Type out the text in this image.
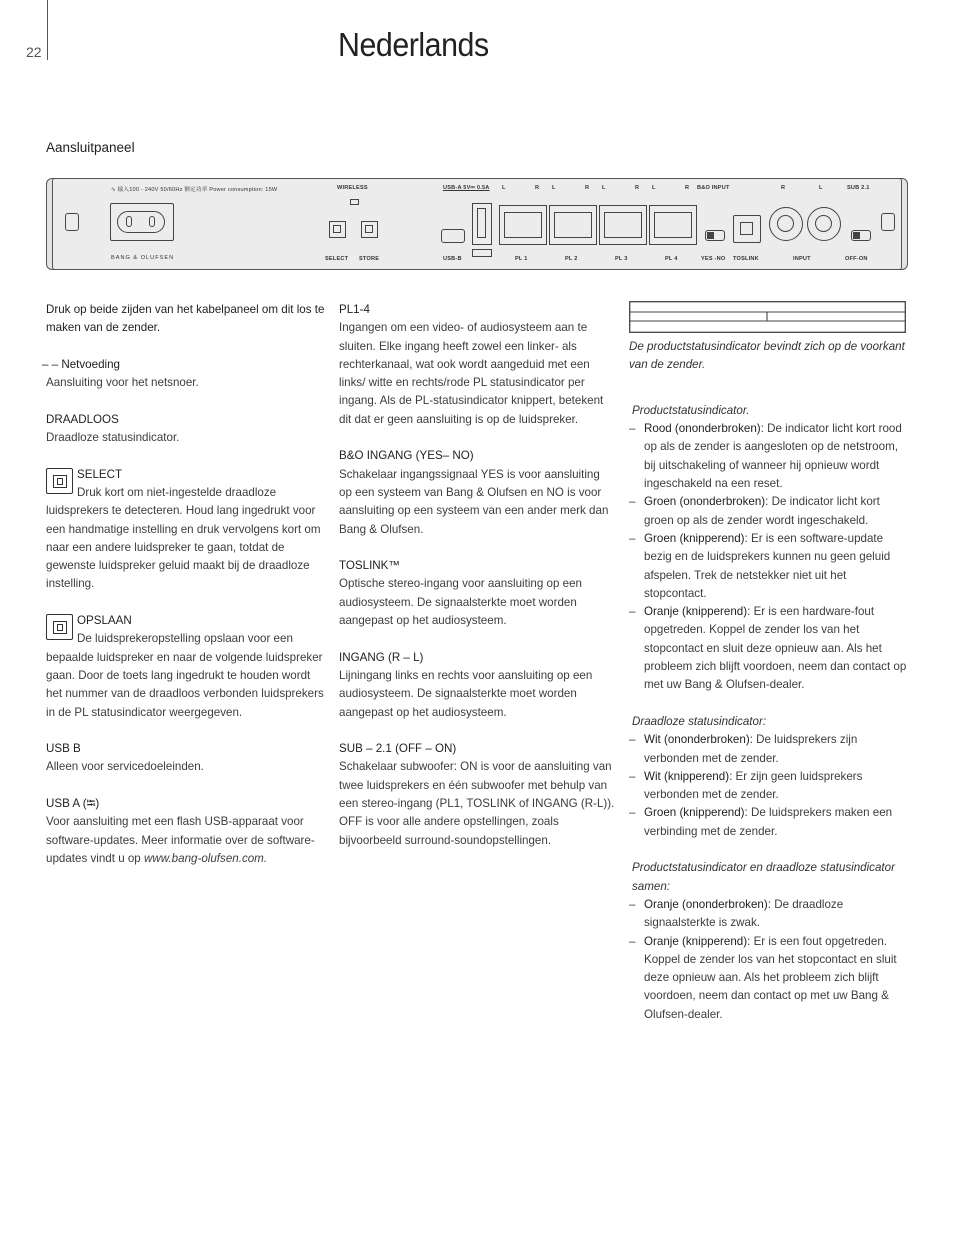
22	Nederlands
Aansluitpaneel
∿ 输入100 - 240V 50/60Hz 额定功率 Power consumption: 15W	WIRELESS	USB-A 5V⎓ 0.5A L	R L	R L	R L	R B&O INPUT	R	L	SUB 2.1
BANG & OLUFSEN	SELECT STORE	USB-B	PL 1	PL 2	PL 3	PL 4	YES -NO TOSLINK	INPUT	OFF-ON

Druk op beide zijden van het kabelpaneel om dit los te maken van de zender.

– – Netvoeding

Aansluiting voor het netsnoer.

DRAADLOOS

Draadloze statusindicator.

SELECT

Druk kort om niet-ingestelde draadloze luidsprekers te detecteren. Houd lang ingedrukt voor een handmatige instelling en druk vervolgens kort om naar een andere luidspreker te gaan, totdat de gewenste luidspreker geluid maakt bij de draadloze instelling.

OPSLAAN

De luidsprekeropstelling opslaan voor een bepaalde luidspreker en naar de volgende luidspreker gaan. Door de toets lang ingedrukt te houden wordt het nummer van de draadloos verbonden luidsprekers in de PL statusindicator weergegeven.

USB B

Alleen voor servicedoeleinden.

USB A (⭾)

Voor aansluiting met een flash USB-apparaat voor software-updates. Meer informatie over de software-updates vindt u op www.bang-olufsen.com.

PL1-4

Ingangen om een video- of audiosysteem aan te sluiten. Elke ingang heeft zowel een linker- als rechterkanaal, wat ook wordt aangeduid met een links/ witte en rechts/rode PL statusindicator per ingang. Als de PL-statusindicator knippert, betekent dit dat er geen aansluiting is op de luidspreker.

B&O INGANG (YES– NO)

Schakelaar ingangssignaal YES is voor aansluiting op een systeem van Bang & Olufsen en NO is voor aansluiting op een systeem van een ander merk dan Bang & Olufsen.

TOSLINK™

Optische stereo-ingang voor aansluiting op een audiosysteem. De signaalsterkte moet worden aangepast op het audiosysteem.

INGANG (R – L)

Lijningang links en rechts voor aansluiting op een audiosysteem. De signaalsterkte moet worden aangepast op het audiosysteem.

SUB – 2.1 (OFF – ON)

Schakelaar subwoofer: ON is voor de aansluiting van twee luidsprekers en één subwoofer met behulp van een stereo-ingang (PL1, TOSLINK of INGANG (R-L)).

OFF is voor alle andere opstellingen, zoals bijvoorbeeld surround-soundopstellingen.

De productstatusindicator bevindt zich op de voorkant van de zender.

Productstatusindicator.

– Rood (ononderbroken): De indicator licht kort rood op als de zender is aangesloten op de netstroom, bij uitschakeling of wanneer hij opnieuw wordt ingeschakeld na een reset.

– Groen (ononderbroken): De indicator licht kort groen op als de zender wordt ingeschakeld.

– Groen (knipperend): Er is een software-update bezig en de luidsprekers kunnen nu geen geluid afspelen. Trek de netstekker niet uit het stopcontact.

– Oranje (knipperend): Er is een hardware-fout opgetreden. Koppel de zender los van het stopcontact en sluit deze opnieuw aan. Als het probleem zich blijft voordoen, neem dan contact op met uw Bang & Olufsen-dealer.

Draadloze statusindicator:

– Wit (ononderbroken): De luidsprekers zijn verbonden met de zender.

– Wit (knipperend): Er zijn geen luidsprekers verbonden met de zender.

– Groen (knipperend): De luidsprekers maken een verbinding met de zender.

Productstatusindicator en draadloze statusindicator samen:

– Oranje (ononderbroken): De draadloze signaalsterkte is zwak.

– Oranje (knipperend): Er is een fout opgetreden. Koppel de zender los van het stopcontact en sluit deze opnieuw aan. Als het probleem zich blijft voordoen, neem dan contact op met uw Bang & Olufsen-dealer.
